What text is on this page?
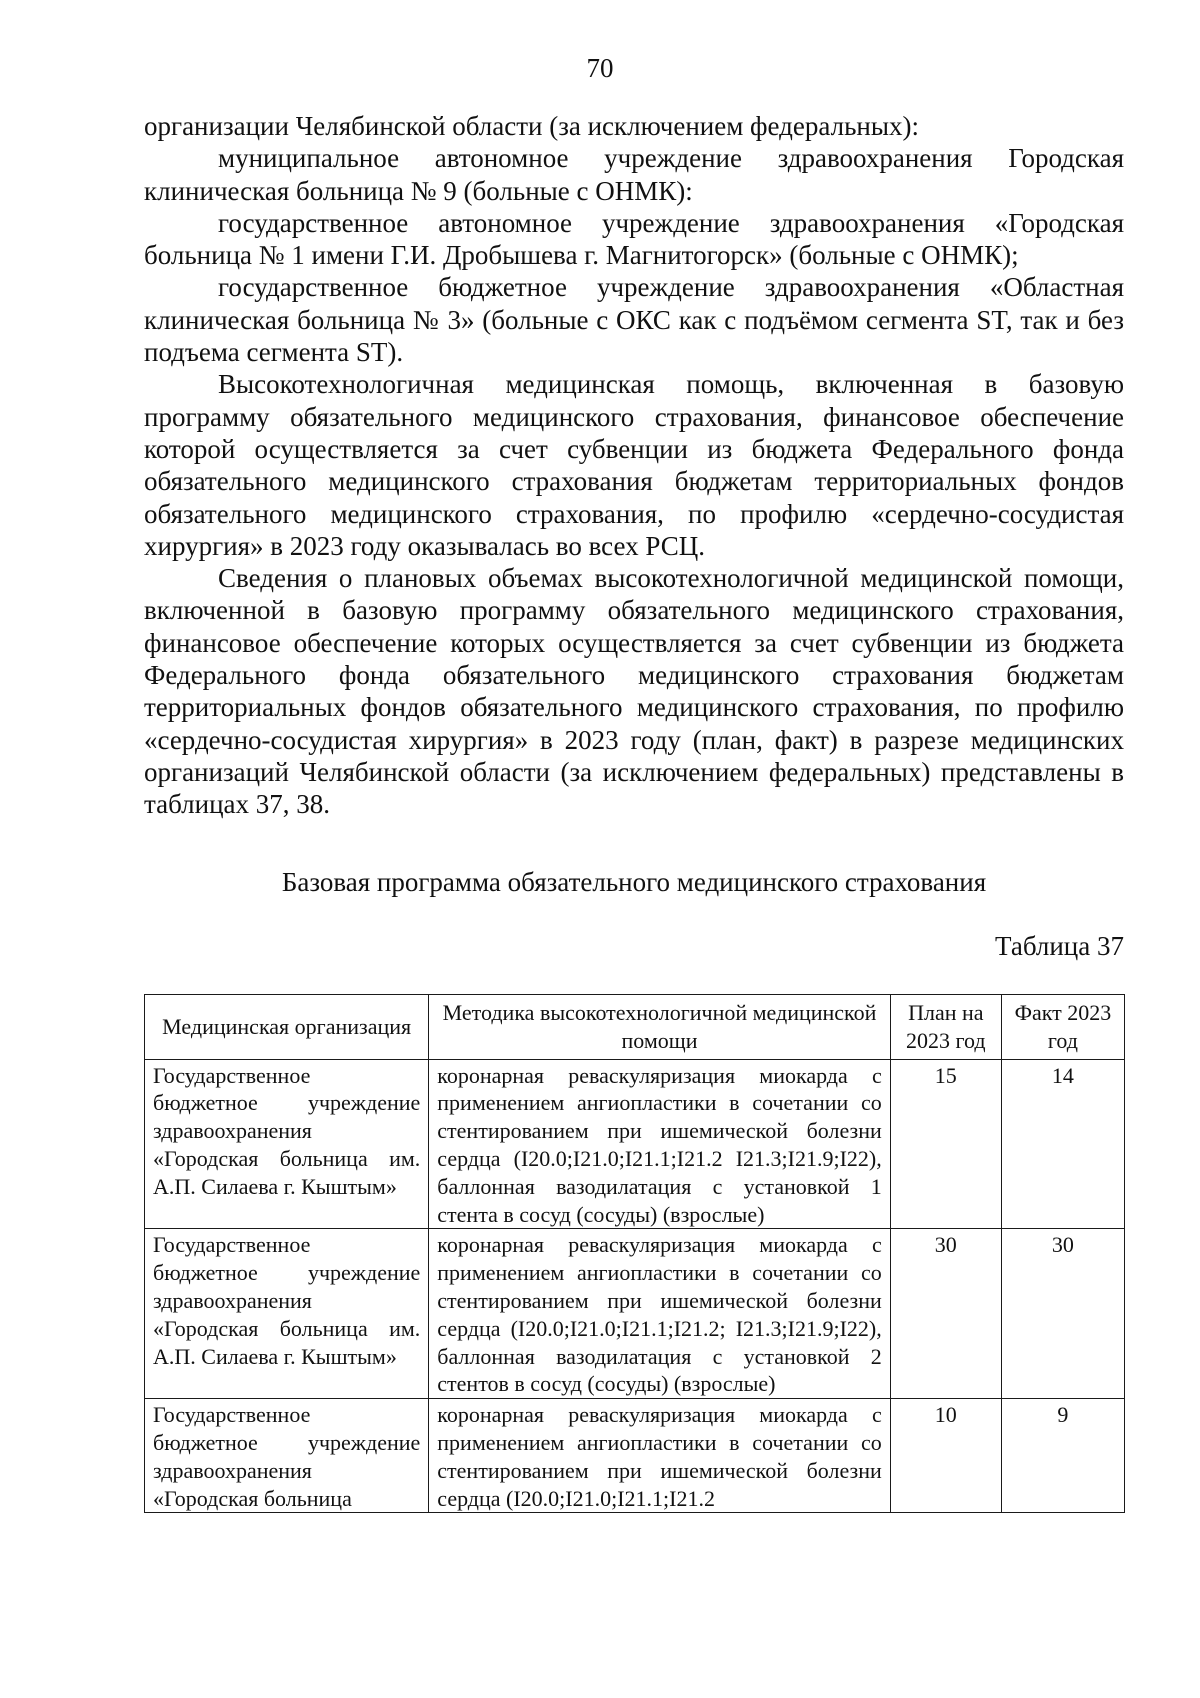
70

организации Челябинской области (за исключением федеральных):

муниципальное автономное учреждение здравоохранения Городская клиническая больница № 9 (больные с ОНМК):

государственное автономное учреждение здравоохранения «Городская больница № 1 имени Г.И. Дробышева г. Магнитогорск» (больные с ОНМК);

государственное бюджетное учреждение здравоохранения «Областная клиническая больница № 3» (больные с ОКС как с подъёмом сегмента ST, так и без подъема сегмента ST).

Высокотехнологичная медицинская помощь, включенная в базовую программу обязательного медицинского страхования, финансовое обеспечение которой осуществляется за счет субвенции из бюджета Федерального фонда обязательного медицинского страхования бюджетам территориальных фондов обязательного медицинского страхования, по профилю «сердечно-сосудистая хирургия» в 2023 году оказывалась во всех РСЦ.

Сведения о плановых объемах высокотехнологичной медицинской помощи, включенной в базовую программу обязательного медицинского страхования, финансовое обеспечение которых осуществляется за счет субвенции из бюджета Федерального фонда обязательного медицинского страхования бюджетам территориальных фондов обязательного медицинского страхования, по профилю «сердечно-сосудистая хирургия» в 2023 году (план, факт) в разрезе медицинских организаций Челябинской области (за исключением федеральных) представлены в таблицах 37, 38.

Базовая программа обязательного медицинского страхования
Таблица 37
Медицинская организация	Методика высокотехнологичной медицинской помощи	План на 2023 год	Факт 2023 год
Государственное бюджетное учреждение здравоохранения «Городская больница им. А.П. Силаева г. Кыштым»	коронарная реваскуляризация миокарда с применением ангиопластики в сочетании со стентированием при ишемической болезни сердца (I20.0;I21.0;I21.1;I21.2 I21.3;I21.9;I22), баллонная вазодилатация с установкой 1 стента в сосуд (сосуды) (взрослые)	15	14
Государственное бюджетное учреждение здравоохранения «Городская больница им. А.П. Силаева г. Кыштым»	коронарная реваскуляризация миокарда с применением ангиопластики в сочетании со стентированием при ишемической болезни сердца (I20.0;I21.0;I21.1;I21.2; I21.3;I21.9;I22), баллонная вазодилатация с установкой 2 стентов в сосуд (сосуды) (взрослые)	30	30
Государственное бюджетное учреждение здравоохранения «Городская больница	коронарная реваскуляризация миокарда с применением ангиопластики в сочетании со стентированием при ишемической болезни сердца (I20.0;I21.0;I21.1;I21.2	10	9
